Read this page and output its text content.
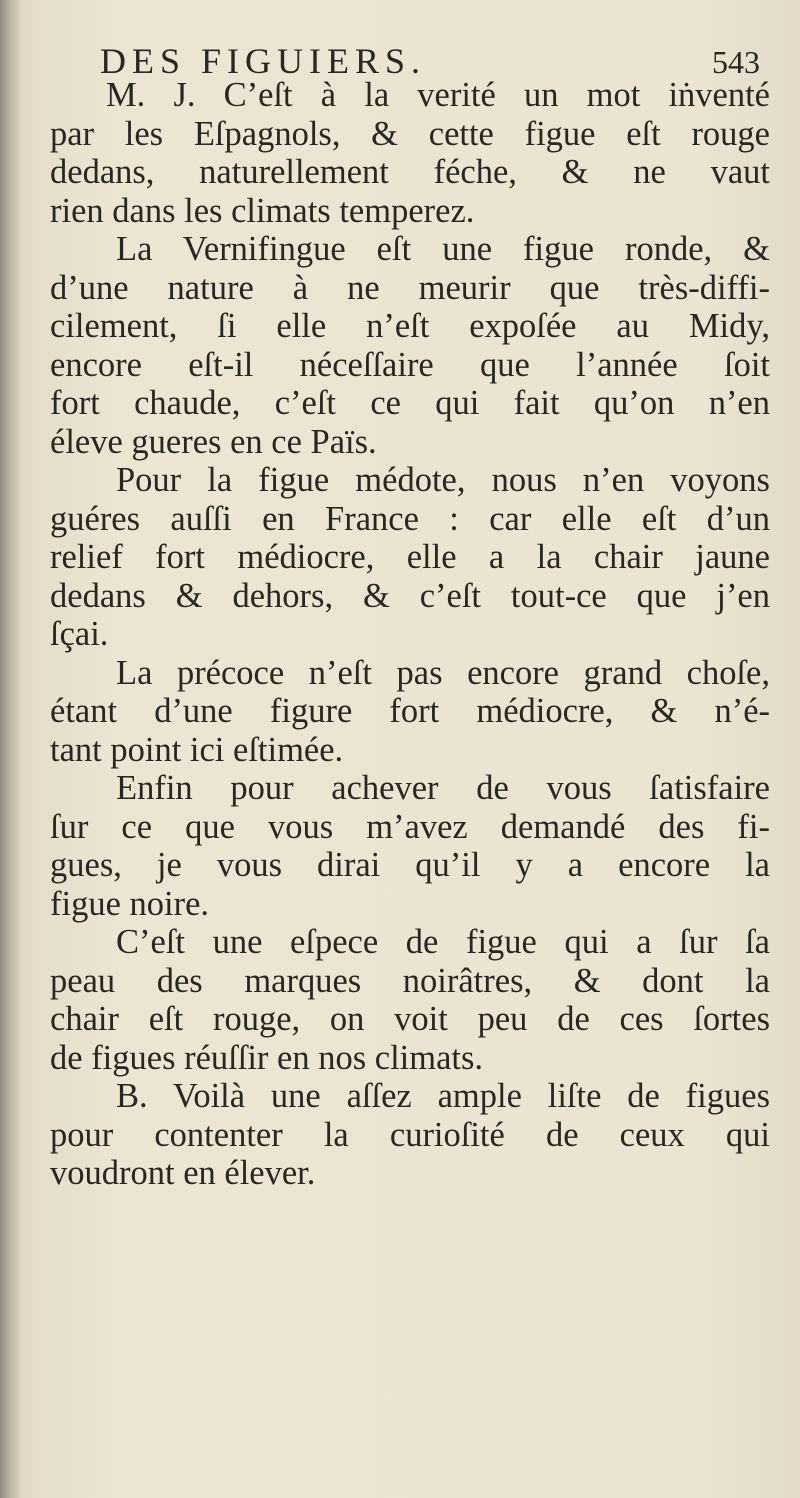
DES FIGUIERS.	543
M. J. C’eſt à la verité un mot iṅventé
par les Eſpagnols, & cette figue eſt rouge
dedans, naturellement féche, & ne vaut
rien dans les climats temperez.
La Vernifingue eſt une figue ronde, &
d’une nature à ne meurir que très-diffi-
cilement, ſi elle n’eſt expoſée au Midy,
encore eſt-il néceſſaire que l’année ſoit
fort chaude, c’eſt ce qui fait qu’on n’en
éleve gueres en ce Païs.
Pour la figue médote, nous n’en voyons
guéres auſſi en France : car elle eſt d’un
relief fort médiocre, elle a la chair jaune
dedans & dehors, & c’eſt tout-ce que j’en
ſçai.
La précoce n’eſt pas encore grand choſe,
étant d’une figure fort médiocre, & n’é-
tant point ici eſtimée.
Enfin pour achever de vous ſatisfaire
ſur ce que vous m’avez demandé des fi-
gues, je vous dirai qu’il y a encore la
figue noire.
C’eſt une eſpece de figue qui a ſur ſa
peau des marques noirâtres, & dont la
chair eſt rouge, on voit peu de ces ſortes
de figues réuſſir en nos climats.
B. Voilà une aſſez ample liſte de figues
pour contenter la curioſité de ceux qui
voudront en élever.
